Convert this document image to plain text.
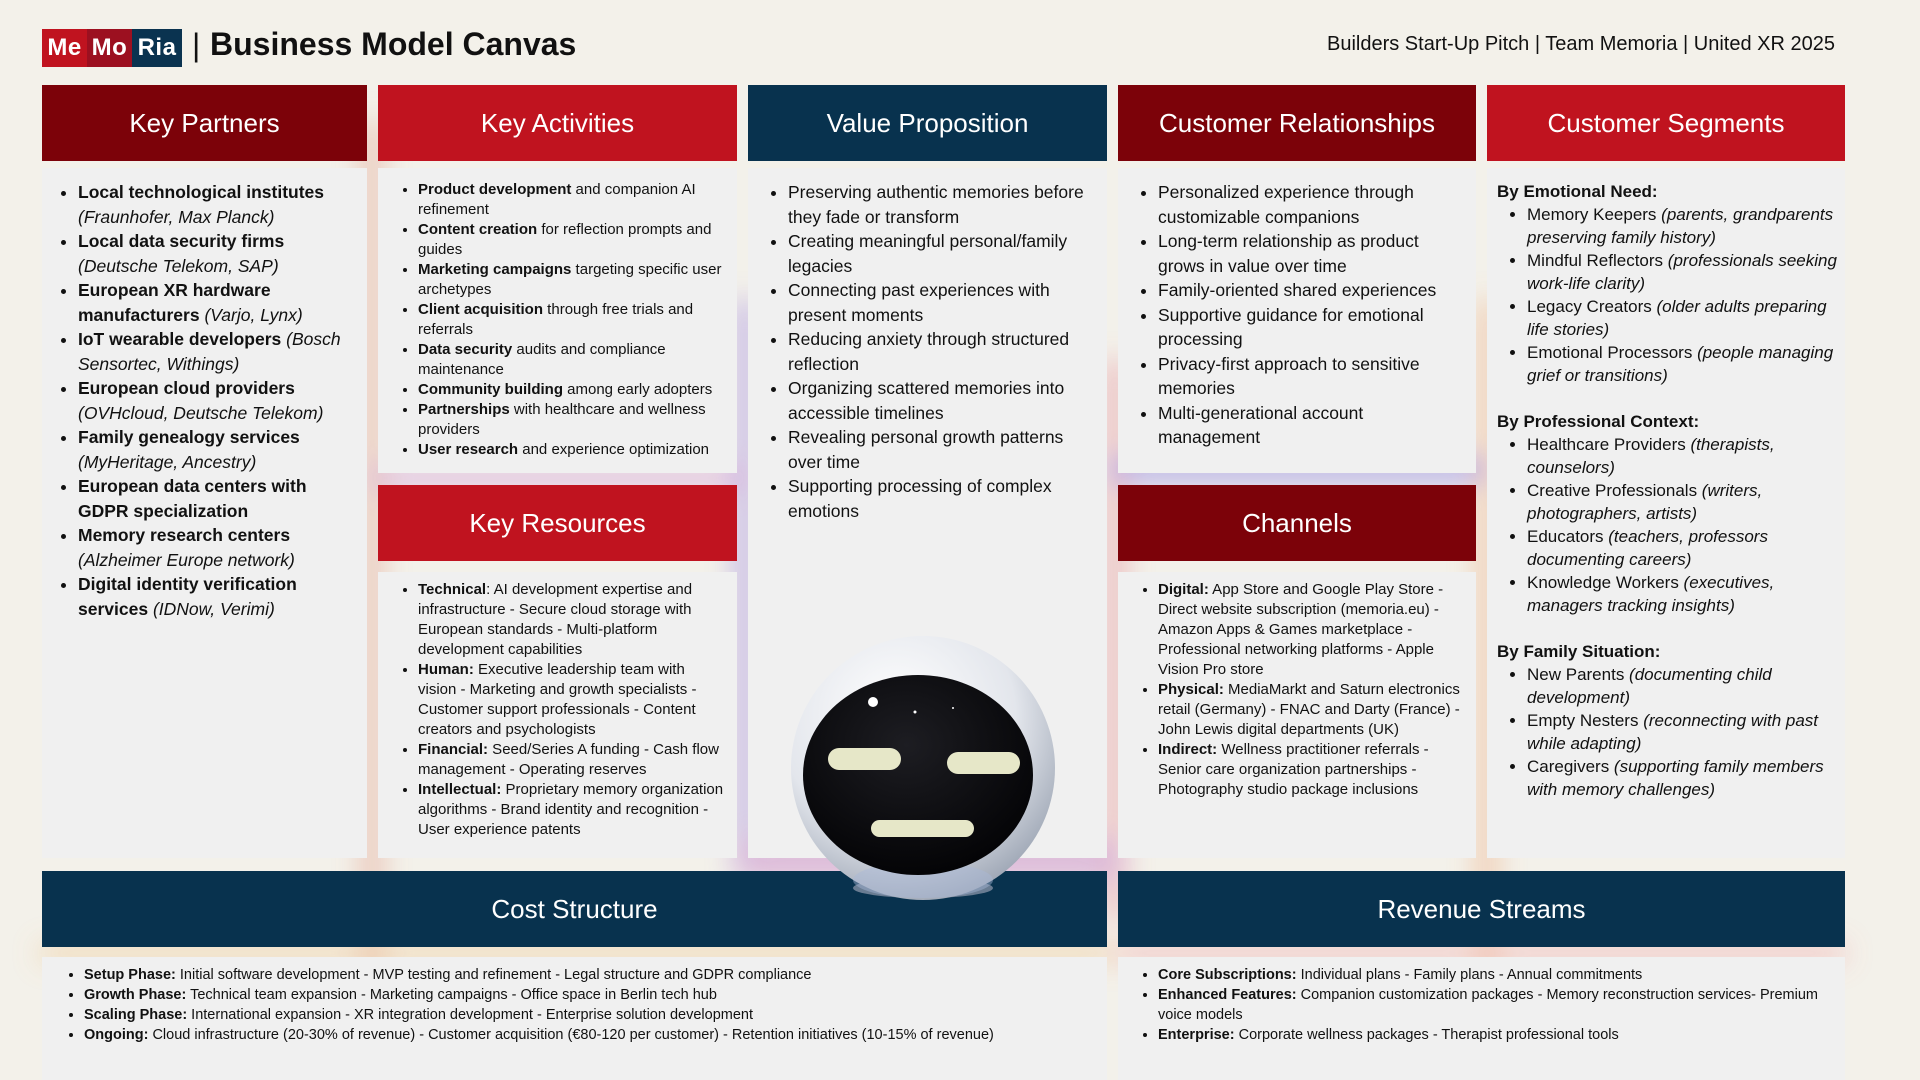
Me Mo Ria | Business Model Canvas	Builders Start-Up Pitch | Team Memoria | United XR 2025
Key Partners
• Local technological institutes (Fraunhofer, Max Planck)
• Local data security firms (Deutsche Telekom, SAP)
• European XR hardware manufacturers (Varjo, Lynx)
• IoT wearable developers (Bosch Sensortec, Withings)
• European cloud providers (OVHcloud, Deutsche Telekom)
• Family genealogy services (MyHeritage, Ancestry)
• European data centers with GDPR specialization
• Memory research centers (Alzheimer Europe network)
• Digital identity verification services (IDNow, Verimi)
Key Activities
• Product development and companion AI refinement
• Content creation for reflection prompts and guides
• Marketing campaigns targeting specific user archetypes
• Client acquisition through free trials and referrals
• Data security audits and compliance maintenance
• Community building among early adopters
• Partnerships with healthcare and wellness providers
• User research and experience optimization
Key Resources
• Technical: AI development expertise and infrastructure - Secure cloud storage with European standards - Multi-platform development capabilities
• Human: Executive leadership team with vision - Marketing and growth specialists - Customer support professionals - Content creators and psychologists
• Financial: Seed/Series A funding - Cash flow management - Operating reserves
• Intellectual: Proprietary memory organization algorithms - Brand identity and recognition - User experience patents
Value Proposition
• Preserving authentic memories before they fade or transform
• Creating meaningful personal/family legacies
• Connecting past experiences with present moments
• Reducing anxiety through structured reflection
• Organizing scattered memories into accessible timelines
• Revealing personal growth patterns over time
• Supporting processing of complex emotions
Customer Relationships
• Personalized experience through customizable companions
• Long-term relationship as product grows in value over time
• Family-oriented shared experiences
• Supportive guidance for emotional processing
• Privacy-first approach to sensitive memories
• Multi-generational account management
Channels
• Digital: App Store and Google Play Store - Direct website subscription (memoria.eu) - Amazon Apps & Games marketplace - Professional networking platforms - Apple Vision Pro store
• Physical: MediaMarkt and Saturn electronics retail (Germany) - FNAC and Darty (France) - John Lewis digital departments (UK)
• Indirect: Wellness practitioner referrals - Senior care organization partnerships - Photography studio package inclusions
Customer Segments
By Emotional Need:
• Memory Keepers (parents, grandparents preserving family history)
• Mindful Reflectors (professionals seeking work-life clarity)
• Legacy Creators (older adults preparing life stories)
• Emotional Processors (people managing grief or transitions)
By Professional Context:
• Healthcare Providers (therapists, counselors)
• Creative Professionals (writers, photographers, artists)
• Educators (teachers, professors documenting careers)
• Knowledge Workers (executives, managers tracking insights)
By Family Situation:
• New Parents (documenting child development)
• Empty Nesters (reconnecting with past while adapting)
• Caregivers (supporting family members with memory challenges)
Cost Structure
• Setup Phase: Initial software development - MVP testing and refinement - Legal structure and GDPR compliance
• Growth Phase: Technical team expansion - Marketing campaigns - Office space in Berlin tech hub
• Scaling Phase: International expansion - XR integration development - Enterprise solution development
• Ongoing: Cloud infrastructure (20-30% of revenue) - Customer acquisition (€80-120 per customer) - Retention initiatives (10-15% of revenue)
Revenue Streams
• Core Subscriptions: Individual plans - Family plans - Annual commitments
• Enhanced Features: Companion customization packages - Memory reconstruction services- Premium voice models
• Enterprise: Corporate wellness packages - Therapist professional tools
